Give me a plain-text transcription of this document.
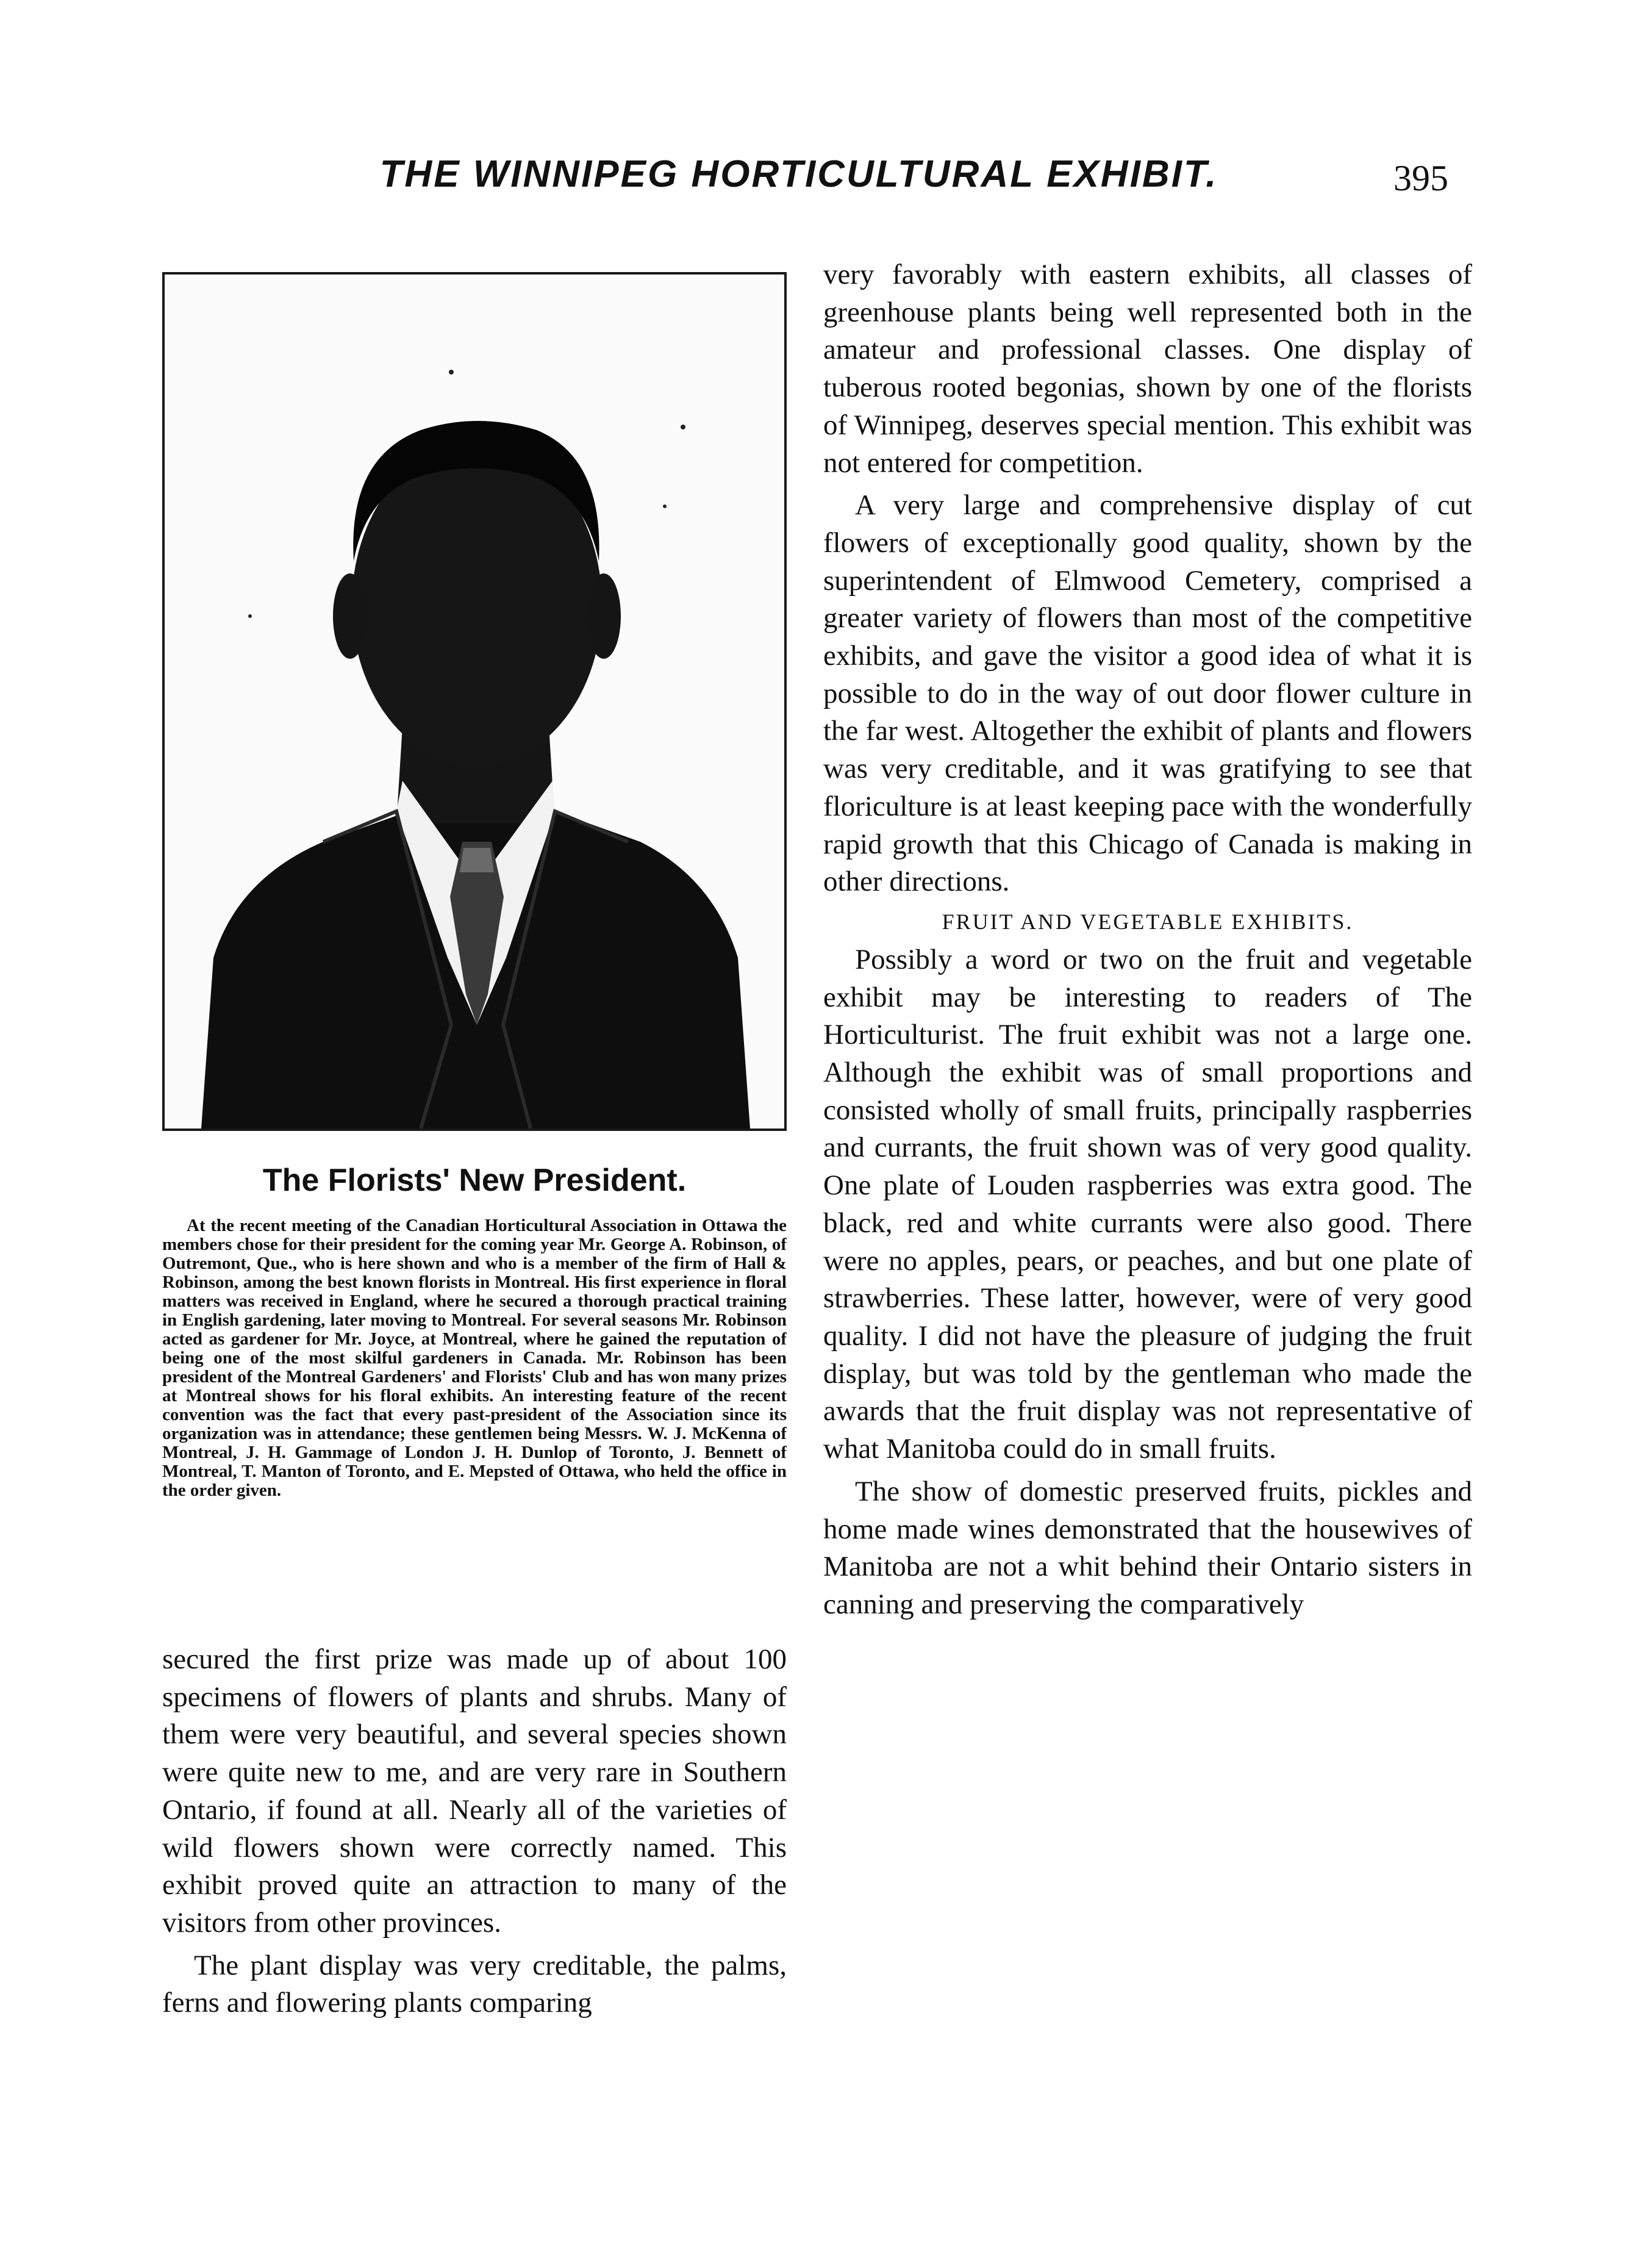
THE WINNIPEG HORTICULTURAL EXHIBIT.	395
The Florists' New President.

At the recent meeting of the Canadian Horticultural Association in Ottawa the members chose for their president for the coming year Mr. George A. Robinson, of Outremont, Que., who is here shown and who is a member of the firm of Hall & Robinson, among the best known florists in Montreal. His first experience in floral matters was received in England, where he secured a thorough practical training in English gardening, later moving to Montreal. For several seasons Mr. Robinson acted as gardener for Mr. Joyce, at Montreal, where he gained the reputation of being one of the most skilful gardeners in Canada. Mr. Robinson has been president of the Montreal Gardeners' and Florists' Club and has won many prizes at Montreal shows for his floral exhibits. An interesting feature of the recent convention was the fact that every past-president of the Association since its organization was in attendance; these gentlemen being Messrs. W. J. McKenna of Montreal, J. H. Gammage of London J. H. Dunlop of Toronto, J. Bennett of Montreal, T. Manton of Toronto, and E. Mepsted of Ottawa, who held the office in the order given.

secured the first prize was made up of about 100 specimens of flowers of plants and shrubs. Many of them were very beautiful, and several species shown were quite new to me, and are very rare in Southern Ontario, if found at all. Nearly all of the varieties of wild flowers shown were correctly named. This exhibit proved quite an attraction to many of the visitors from other provinces.

The plant display was very creditable, the palms, ferns and flowering plants comparing

very favorably with eastern exhibits, all classes of greenhouse plants being well represented both in the amateur and professional classes. One display of tuberous rooted begonias, shown by one of the florists of Winnipeg, deserves special mention. This exhibit was not entered for competition.

A very large and comprehensive display of cut flowers of exceptionally good quality, shown by the superintendent of Elmwood Cemetery, comprised a greater variety of flowers than most of the competitive exhibits, and gave the visitor a good idea of what it is possible to do in the way of out door flower culture in the far west. Altogether the exhibit of plants and flowers was very creditable, and it was gratifying to see that floriculture is at least keeping pace with the wonderfully rapid growth that this Chicago of Canada is making in other directions.

FRUIT AND VEGETABLE EXHIBITS.

Possibly a word or two on the fruit and vegetable exhibit may be interesting to readers of The Horticulturist. The fruit exhibit was not a large one. Although the exhibit was of small proportions and consisted wholly of small fruits, principally raspberries and currants, the fruit shown was of very good quality. One plate of Louden raspberries was extra good. The black, red and white currants were also good. There were no apples, pears, or peaches, and but one plate of strawberries. These latter, however, were of very good quality. I did not have the pleasure of judging the fruit display, but was told by the gentleman who made the awards that the fruit display was not representative of what Manitoba could do in small fruits.

The show of domestic preserved fruits, pickles and home made wines demonstrated that the housewives of Manitoba are not a whit behind their Ontario sisters in canning and preserving the comparatively
